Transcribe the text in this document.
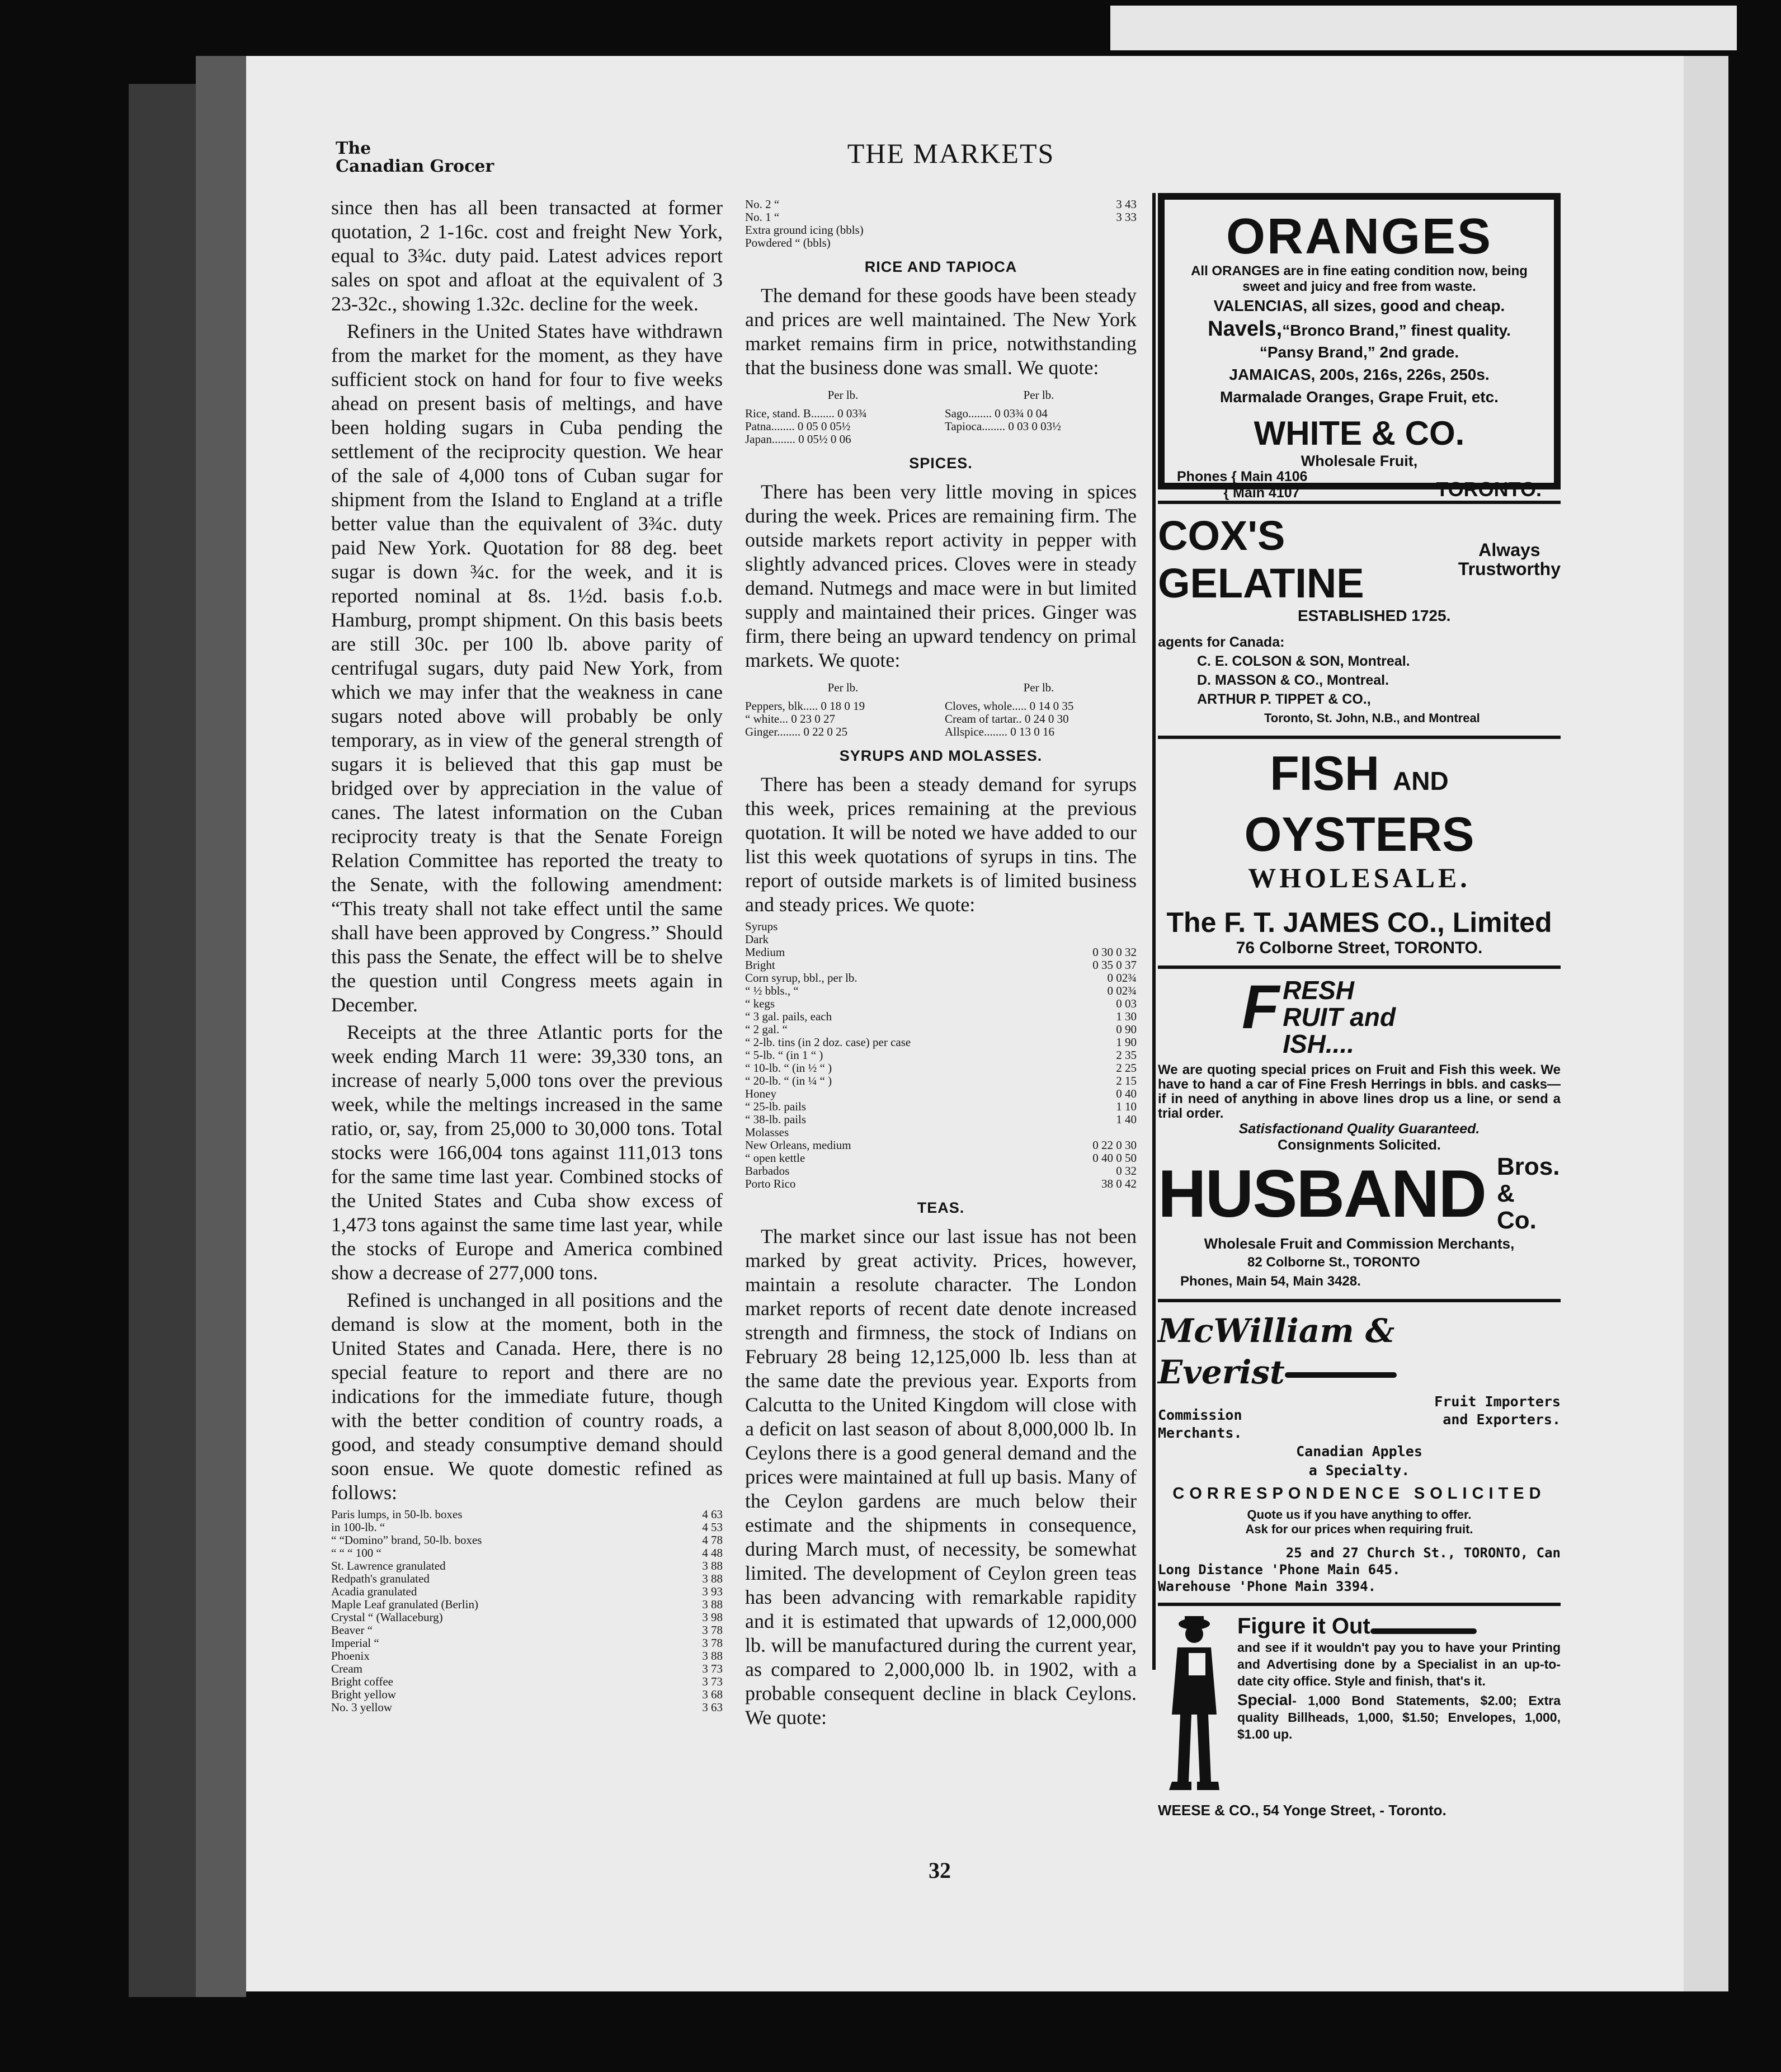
The
Canadian Grocer	THE MARKETS

since then has all been transacted at former quotation, 2 1-16c. cost and freight New York, equal to 3¾c. duty paid. Latest advices report sales on spot and afloat at the equivalent of 3 23-32c., showing 1.32c. decline for the week.

Refiners in the United States have withdrawn from the market for the moment, as they have sufficient stock on hand for four to five weeks ahead on present basis of meltings, and have been holding sugars in Cuba pending the settlement of the reciprocity question. We hear of the sale of 4,000 tons of Cuban sugar for shipment from the Island to England at a trifle better value than the equivalent of 3¾c. duty paid New York. Quotation for 88 deg. beet sugar is down ¾c. for the week, and it is reported nominal at 8s. 1½d. basis f.o.b. Hamburg, prompt shipment. On this basis beets are still 30c. per 100 lb. above parity of centrifugal sugars, duty paid New York, from which we may infer that the weakness in cane sugars noted above will probably be only temporary, as in view of the general strength of sugars it is believed that this gap must be bridged over by appreciation in the value of canes. The latest information on the Cuban reciprocity treaty is that the Senate Foreign Relation Committee has reported the treaty to the Senate, with the following amendment: “This treaty shall not take effect until the same shall have been approved by Congress.” Should this pass the Senate, the effect will be to shelve the question until Congress meets again in December.

Receipts at the three Atlantic ports for the week ending March 11 were: 39,330 tons, an increase of nearly 5,000 tons over the previous week, while the meltings increased in the same ratio, or, say, from 25,000 to 30,000 tons. Total stocks were 166,004 tons against 111,013 tons for the same time last year. Combined stocks of the United States and Cuba show excess of 1,473 tons against the same time last year, while the stocks of Europe and America combined show a decrease of 277,000 tons.

Refined is unchanged in all positions and the demand is slow at the moment, both in the United States and Canada. Here, there is no special feature to report and there are no indications for the immediate future, though with the better condition of country roads, a good, and steady consumptive demand should soon ensue. We quote domestic refined as follows:

Paris lumps, in 50-lb. boxes	4 63
in 100-lb. “	4 53
“ “Domino” brand, 50-lb. boxes	4 78
“ “ “ 100 “	4 48
St. Lawrence granulated	3 88
Redpath's granulated	3 88
Acadia granulated	3 93
Maple Leaf granulated (Berlin)	3 88
Crystal “ (Wallaceburg)	3 98
Beaver “	3 78
Imperial “	3 78
Phoenix	3 88
Cream	3 73
Bright coffee	3 73
Bright yellow	3 68
No. 3 yellow	3 63
No. 2 “	3 43
No. 1 “	3 33
Extra ground icing (bbls)	
Powdered “ (bbls)	
RICE AND TAPIOCA

The demand for these goods have been steady and prices are well maintained. The New York market remains firm in price, notwithstanding that the business done was small. We quote:

Per lb.	Per lb.
Rice, stand. B........ 0 03¾	Sago........ 0 03¾ 0 04
Patna........ 0 05 0 05½	Tapioca........ 0 03 0 03½
Japan........ 0 05½ 0 06
SPICES.

There has been very little moving in spices during the week. Prices are remaining firm. The outside markets report activity in pepper with slightly advanced prices. Cloves were in steady demand. Nutmegs and mace were in but limited supply and maintained their prices. Ginger was firm, there being an upward tendency on primal markets. We quote:

Per lb.	Per lb.
Peppers, blk..... 0 18 0 19	Cloves, whole..... 0 14 0 35
“ white... 0 23 0 27	Cream of tartar.. 0 24 0 30
Ginger........ 0 22 0 25	Allspice........ 0 13 0 16
SYRUPS AND MOLASSES.

There has been a steady demand for syrups this week, prices remaining at the previous quotation. It will be noted we have added to our list this week quotations of syrups in tins. The report of outside markets is of limited business and steady prices. We quote:

Syrups	
Dark	
Medium	0 30 0 32
Bright	0 35 0 37
Corn syrup, bbl., per lb.	0 02¾
“ ½ bbls., “	0 02¾
“ kegs	0 03
“ 3 gal. pails, each	1 30
“ 2 gal. “	0 90
“ 2-lb. tins (in 2 doz. case) per case	1 90
“ 5-lb. “ (in 1 “ )	2 35
“ 10-lb. “ (in ½ “ )	2 25
“ 20-lb. “ (in ¼ “ )	2 15
Honey	0 40
“ 25-lb. pails	1 10
“ 38-lb. pails	1 40
Molasses	
New Orleans, medium	0 22 0 30
“ open kettle	0 40 0 50
Barbados	0 32
Porto Rico	38 0 42
TEAS.

The market since our last issue has not been marked by great activity. Prices, however, maintain a resolute character. The London market reports of recent date denote increased strength and firmness, the stock of Indians on February 28 being 12,125,000 lb. less than at the same date the previous year. Exports from Calcutta to the United Kingdom will close with a deficit on last season of about 8,000,000 lb. In Ceylons there is a good general demand and the prices were maintained at full up basis. Many of the Ceylon gardens are much below their estimate and the shipments in consequence, during March must, of necessity, be somewhat limited. The development of Ceylon green teas has been advancing with remarkable rapidity and it is estimated that upwards of 12,000,000 lb. will be manufactured during the current year, as compared to 2,000,000 lb. in 1902, with a probable consequent decline in black Ceylons. We quote:

ORANGES
All ORANGES are in fine eating condition now, being sweet and juicy and free from waste.
VALENCIAS, all sizes, good and cheap.
Navels,“Bronco Brand,” finest quality.
“Pansy Brand,” 2nd grade.
JAMAICAS, 200s, 216s, 226s, 250s.
Marmalade Oranges, Grape Fruit, etc.
WHITE & CO.
Wholesale Fruit,
Phones { Main 4106
{ Main 4107	TORONTO.
COX'S GELATINE
Always
Trustworthy
ESTABLISHED 1725.
agents for Canada:
C. E. COLSON & SON, Montreal.
D. MASSON & CO., Montreal.
ARTHUR P. TIPPET & CO.,
Toronto, St. John, N.B., and Montreal
FISH AND OYSTERS
WHOLESALE.
The F. T. JAMES CO., Limited
76 Colborne Street, TORONTO.
F RESH
RUIT and
ISH....
We are quoting special prices on Fruit and Fish this week. We have to hand a car of Fine Fresh Herrings in bbls. and casks—if in need of anything in above lines drop us a line, or send a trial order.
Satisfactionand Quality Guaranteed.
Consignments Solicited.
HUSBAND Bros. &
Co.
Wholesale Fruit and Commission Merchants,
82 Colborne St., TORONTO
Phones, Main 54, Main 3428.
McWilliam &
Everist
Commission
Merchants.
Fruit Importers
and Exporters.
Canadian Apples
a Specialty.
CORRESPONDENCE SOLICITED
Quote us if you have anything to offer.
Ask for our prices when requiring fruit.
25 and 27 Church St., TORONTO, Can
Long Distance 'Phone Main 645.
Warehouse 'Phone Main 3394.
Figure it Out
and see if it wouldn't pay you to have your Printing and Advertising done by a Specialist in an up-to-date city office. Style and finish, that's it.
Special- 1,000 Bond Statements, $2.00; Extra quality Billheads, 1,000, $1.50; Envelopes, 1,000, $1.00 up.
WEESE & CO., 54 Yonge Street, - Toronto.
32
